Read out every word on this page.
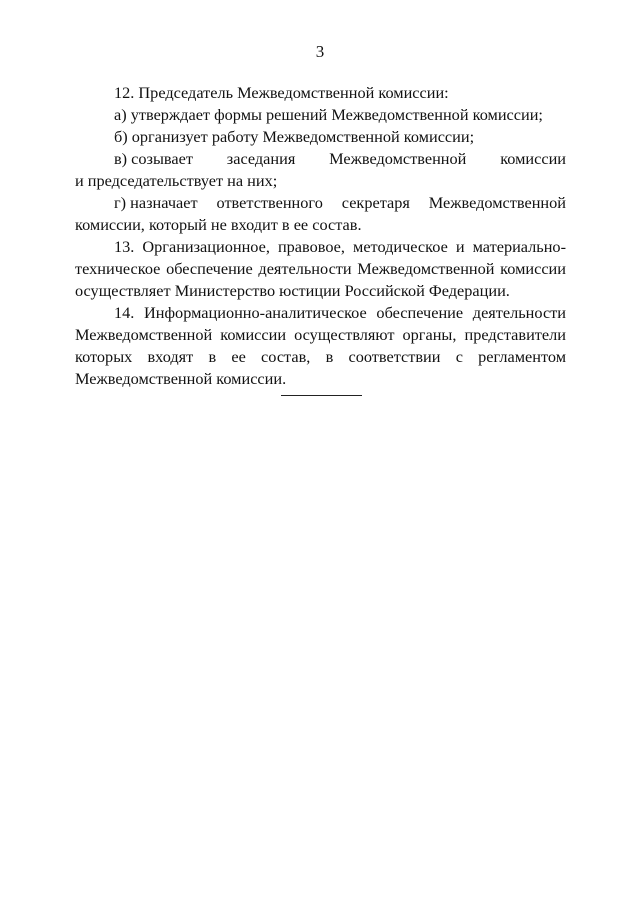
3

12. Председатель Межведомственной комиссии:

а) утверждает формы решений Межведомственной комиссии;

б) организует работу Межведомственной комиссии;

в) созывает заседания Межведомственной комиссии

и председательствует на них;

г) назначает ответственного секретаря Межведомственной

комиссии, который не входит в ее состав.

13. Организационное, правовое, методическое и материально-техническое обеспечение деятельности Межведомственной комиссии осуществляет Министерство юстиции Российской Федерации.

14. Информационно-аналитическое обеспечение деятельности Межведомственной комиссии осуществляют органы, представители которых входят в ее состав, в соответствии с регламентом Межведомственной комиссии.
